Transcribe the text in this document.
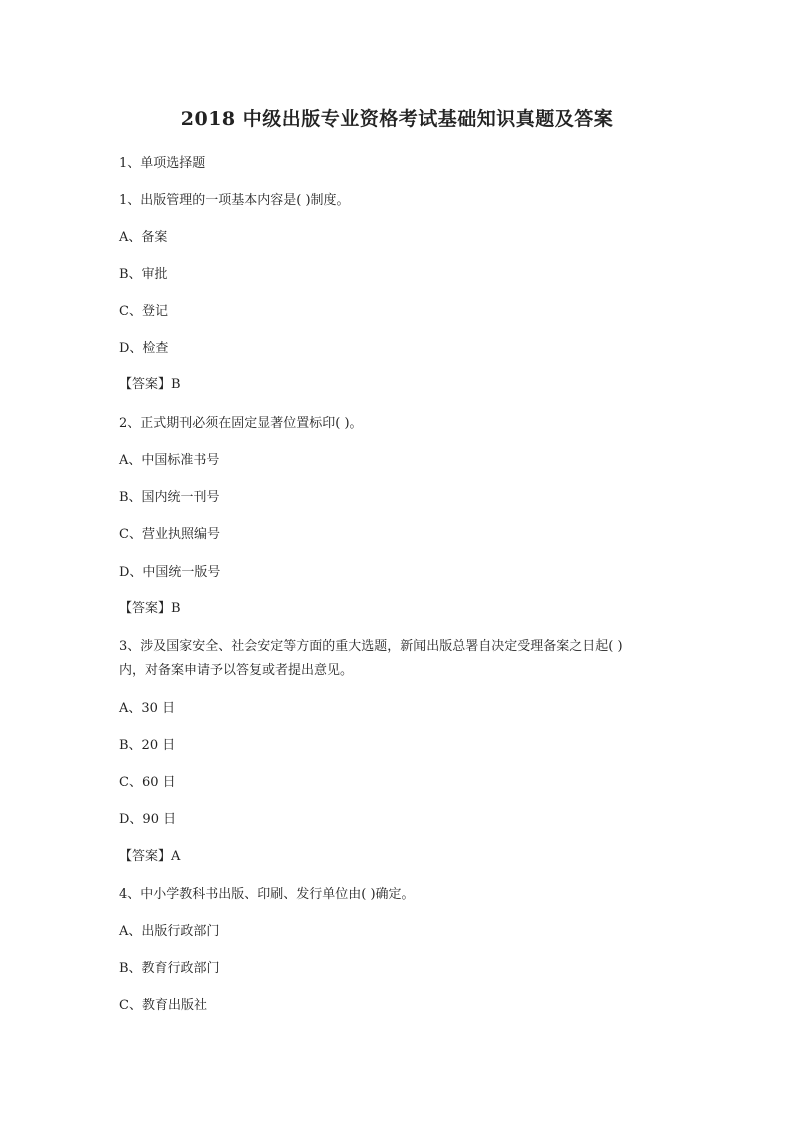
2018 中级出版专业资格考试基础知识真题及答案
1、单项选择题
1、出版管理的一项基本内容是( )制度。
A、备案
B、审批
C、登记
D、检查
【答案】B
2、正式期刊必须在固定显著位置标印( )。
A、中国标准书号
B、国内统一刊号
C、营业执照编号
D、中国统一版号
【答案】B
3、涉及国家安全、社会安定等方面的重大选题，新闻出版总署自决定受理备案之日起( )
内，对备案申请予以答复或者提出意见。
A、30 日
B、20 日
C、60 日
D、90 日
【答案】A
4、中小学教科书出版、印刷、发行单位由( )确定。
A、出版行政部门
B、教育行政部门
C、教育出版社
